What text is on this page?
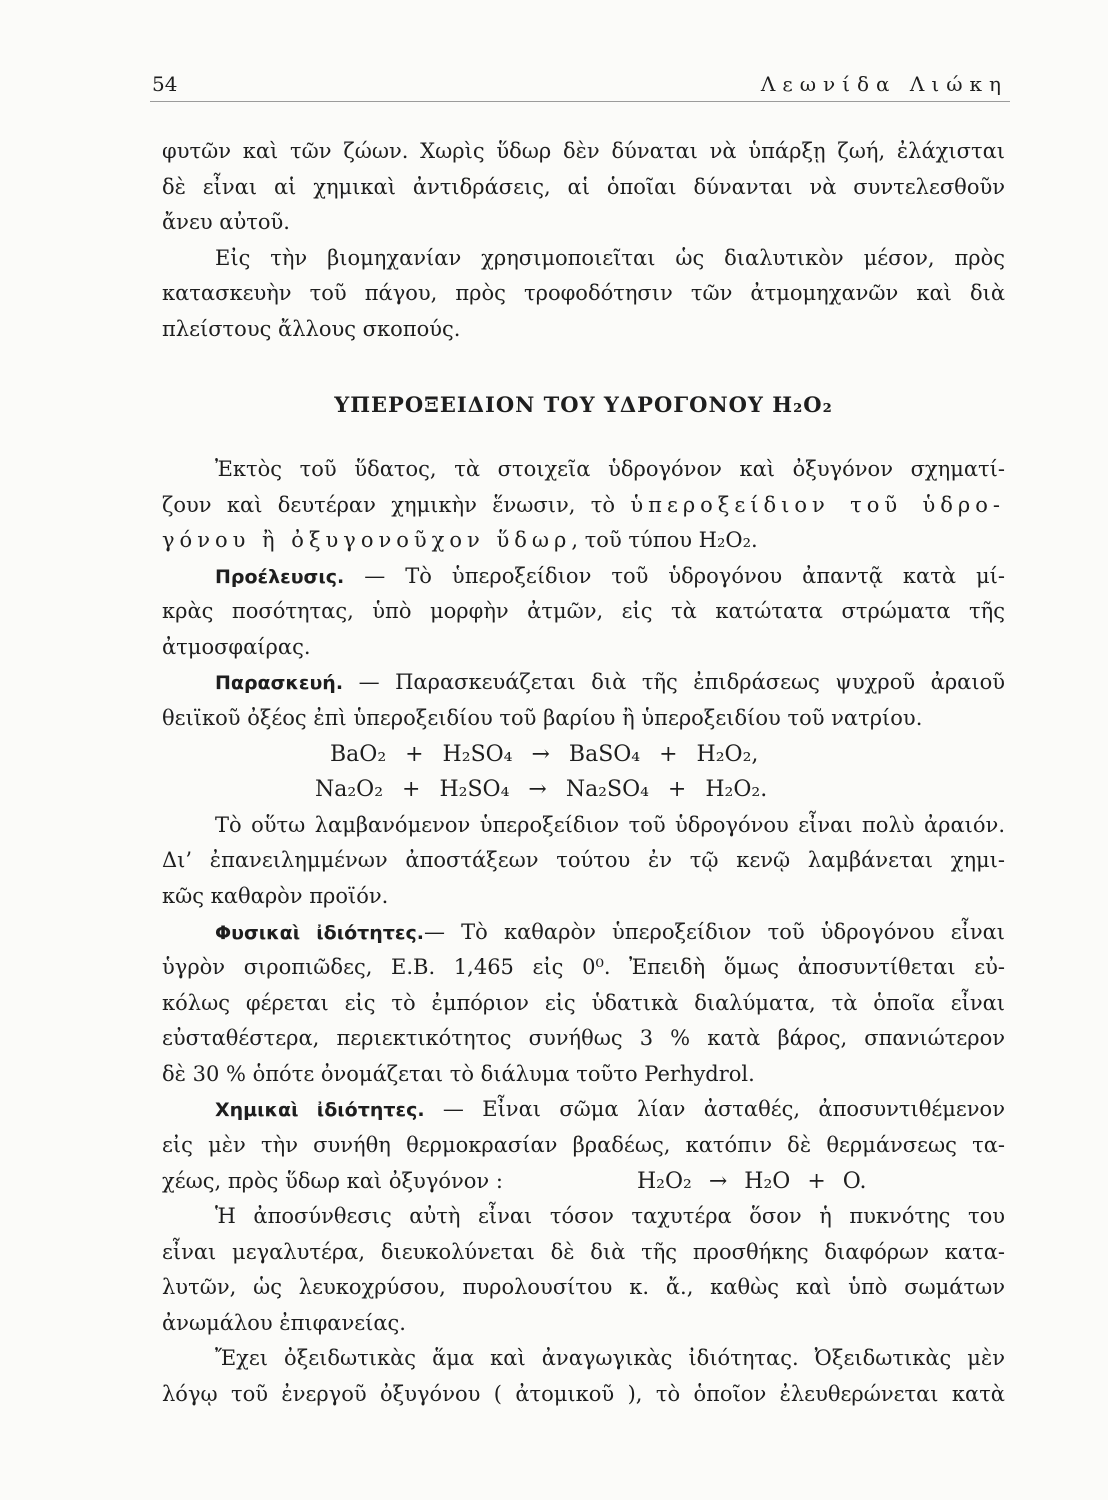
54	Λεωνίδα Λιώκη
φυτῶν καὶ τῶν ζώων. Χωρὶς ὕδωρ δὲν δύναται νὰ ὑπάρξῃ ζωή, ἐλάχισται
δὲ εἶναι αἱ χημικαὶ ἀντιδράσεις, αἱ ὁποῖαι δύνανται νὰ συντελεσθοῦν
ἄνευ αὐτοῦ.
Εἰς τὴν βιομηχανίαν χρησιμοποιεῖται ὡς διαλυτικὸν μέσον, πρὸς
κατασκευὴν τοῦ πάγου, πρὸς τροφοδότησιν τῶν ἀτμομηχανῶν καὶ διὰ
πλείστους ἄλλους σκοπούς.
ΥΠΕΡΟΞΕΙΔΙΟΝ ΤΟΥ ΥΔΡΟΓΟΝΟΥ H₂O₂
Ἐκτὸς τοῦ ὕδατος, τὰ στοιχεῖα ὑδρογόνον καὶ ὀξυγόνον σχηματί-
ζουν καὶ δευτέραν χημικὴν ἕνωσιν, τὸ ὑπεροξείδιον τοῦ ὑδρο-
γόνου ἢ ὀξυγονοῦχον ὕδωρ, τοῦ τύπου H₂O₂.
Προέλευσις. — Τὸ ὑπεροξείδιον τοῦ ὑδρογόνου ἀπαντᾷ κατὰ μί-
κρὰς ποσότητας, ὑπὸ μορφὴν ἀτμῶν, εἰς τὰ κατώτατα στρώματα τῆς
ἀτμοσφαίρας.
Παρασκευή. — Παρασκευάζεται διὰ τῆς ἐπιδράσεως ψυχροῦ ἀραιοῦ
θειϊκοῦ ὀξέος ἐπὶ ὑπεροξειδίου τοῦ βαρίου ἢ ὑπεροξειδίου τοῦ νατρίου.
BaO₂ + H₂SO₄ → BaSO₄ + H₂O₂,
Na₂O₂ + H₂SO₄ → Na₂SO₄ + H₂O₂.
Τὸ οὕτω λαμβανόμενον ὑπεροξείδιον τοῦ ὑδρογόνου εἶναι πολὺ ἀραιόν.
Δι’ ἐπανειλημμένων ἀποστάξεων τούτου ἐν τῷ κενῷ λαμβάνεται χημι-
κῶς καθαρὸν προϊόν.
Φυσικαὶ ἰδιότητες.— Τὸ καθαρὸν ὑπεροξείδιον τοῦ ὑδρογόνου εἶναι
ὑγρὸν σιροπιῶδες, Ε.Β. 1,465 εἰς 0⁰. Ἐπειδὴ ὅμως ἀποσυντίθεται εὐ-
κόλως φέρεται εἰς τὸ ἐμπόριον εἰς ὑδατικὰ διαλύματα, τὰ ὁποῖα εἶναι
εὐσταθέστερα, περιεκτικότητος συνήθως 3 % κατὰ βάρος, σπανιώτερον
δὲ 30 % ὁπότε ὀνομάζεται τὸ διάλυμα τοῦτο Perhydrol.
Χημικαὶ ἰδιότητες. — Εἶναι σῶμα λίαν ἀσταθές, ἀποσυντιθέμενον
εἰς μὲν τὴν συνήθη θερμοκρασίαν βραδέως, κατόπιν δὲ θερμάνσεως τα-
χέως, πρὸς ὕδωρ καὶ ὀξυγόνον :	H₂O₂ → H₂O + O.
Ἡ ἀποσύνθεσις αὐτὴ εἶναι τόσον ταχυτέρα ὅσον ἡ πυκνότης του
εἶναι μεγαλυτέρα, διευκολύνεται δὲ διὰ τῆς προσθήκης διαφόρων κατα-
λυτῶν, ὡς λευκοχρύσου, πυρολουσίτου κ. ἄ., καθὼς καὶ ὑπὸ σωμάτων
ἀνωμάλου ἐπιφανείας.
Ἔχει ὀξειδωτικὰς ἅμα καὶ ἀναγωγικὰς ἰδιότητας. Ὀξειδωτικὰς μὲν
λόγῳ τοῦ ἐνεργοῦ ὀξυγόνου ( ἀτομικοῦ ), τὸ ὁποῖον ἐλευθερώνεται κατὰ
